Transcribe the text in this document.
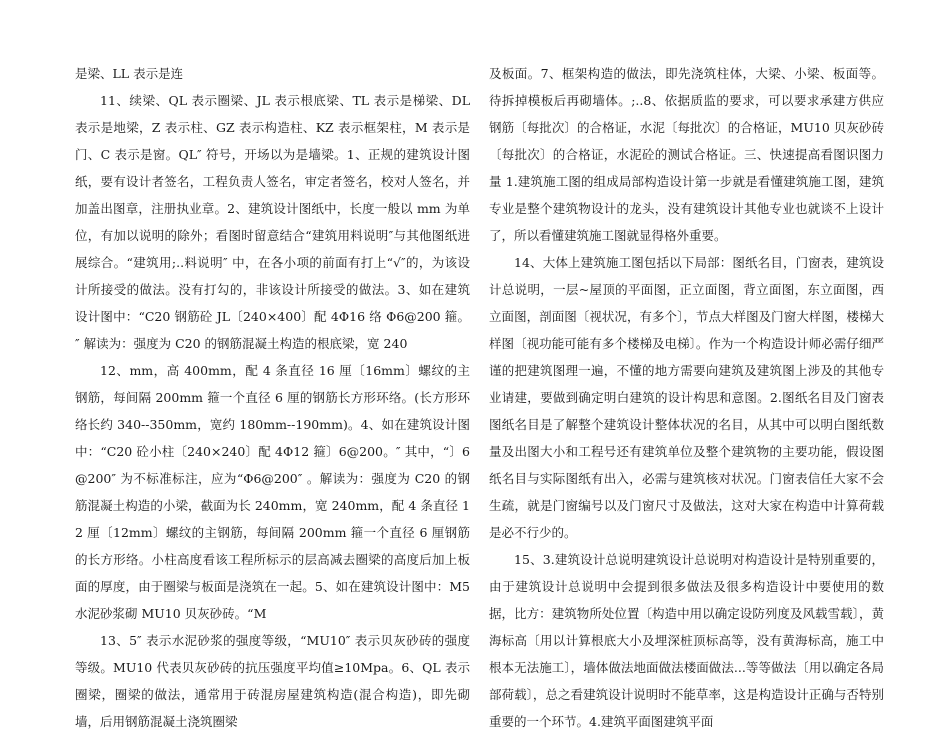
是梁、LL 表示是连

11、续梁、QL 表示圈梁、JL 表示根底梁、TL 表示是梯梁、DL 表示是地梁，Z 表示柱、GZ 表示构造柱、KZ 表示框架柱，M 表示是门、C 表示是窗。QL″ 符号，开场以为是墙梁。1、正规的建筑设计图纸，要有设计者签名，工程负责人签名，审定者签名，校对人签名，并加盖出图章，注册执业章。2、建筑设计图纸中，长度一般以 mm 为单位，有加以说明的除外；看图时留意结合“建筑用料说明″与其他图纸进展综合。“建筑用;..料说明″ 中，在各小项的前面有打上“√″的，为该设计所接受的做法。没有打勾的，非该设计所接受的做法。3、如在建筑设计图中：“C20 钢筋砼 JL〔240×400〕配 4Φ16 络 Φ6@200 箍。″ 解读为：强度为 C20 的钢筋混凝土构造的根底梁，宽 240

12、mm，高 400mm，配 4 条直径 16 厘〔16mm〕螺纹的主钢筋，每间隔 200mm 箍一个直径 6 厘的钢筋长方形环络。(长方形环络长约 340--350mm，宽约 180mm--190mm)。4、如在建筑设计图中：“C20 砼小柱〔240×240〕配 4Φ12 箍〕6@200。″ 其中，“〕6@200″ 为不标准标注，应为“Φ6@200″ 。解读为：强度为 C20 的钢筋混凝土构造的小梁，截面为长 240mm，宽 240mm，配 4 条直径 12 厘〔12mm〕螺纹的主钢筋，每间隔 200mm 箍一个直径 6 厘钢筋的长方形络。小柱高度看该工程所标示的层高减去圈梁的高度后加上板面的厚度，由于圈梁与板面是浇筑在一起。5、如在建筑设计图中：M5 水泥砂浆砌 MU10 贝灰砂砖。“M

13、5″ 表示水泥砂浆的强度等级，“MU10″ 表示贝灰砂砖的强度等级。MU10 代表贝灰砂砖的抗压强度平均值≥10Mpa。6、QL 表示圈梁，圈梁的做法，通常用于砖混房屋建筑构造(混合构造)，即先砌墙，后用钢筋混凝土浇筑圈梁

及板面。7、框架构造的做法，即先浇筑柱体，大梁、小梁、板面等。待拆掉模板后再砌墙体。;..8、依据质监的要求，可以要求承建方供应钢筋〔每批次〕的合格证，水泥〔每批次〕的合格证，MU10 贝灰砂砖〔每批次〕的合格证，水泥砼的测试合格证。三、快速提高看图识图力量 1.建筑施工图的组成局部构造设计第一步就是看懂建筑施工图，建筑专业是整个建筑物设计的龙头，没有建筑设计其他专业也就谈不上设计了，所以看懂建筑施工图就显得格外重要。

14、大体上建筑施工图包括以下局部：图纸名目，门窗表，建筑设计总说明，一层~屋顶的平面图，正立面图，背立面图，东立面图，西立面图，剖面图〔视状况，有多个〕，节点大样图及门窗大样图，楼梯大样图〔视功能可能有多个楼梯及电梯〕。作为一个构造设计师必需仔细严谨的把建筑图理一遍，不懂的地方需要向建筑及建筑图上涉及的其他专业请建，要做到确定明白建筑的设计构思和意图。2.图纸名目及门窗表图纸名目是了解整个建筑设计整体状况的名目，从其中可以明白图纸数量及出图大小和工程号还有建筑单位及整个建筑物的主要功能，假设图纸名目与实际图纸有出入，必需与建筑核对状况。门窗表信任大家不会生疏，就是门窗编号以及门窗尺寸及做法，这对大家在构造中计算荷载是必不行少的。

15、3.建筑设计总说明建筑设计总说明对构造设计是特别重要的，由于建筑设计总说明中会提到很多做法及很多构造设计中要使用的数据，比方：建筑物所处位置〔构造中用以确定设防列度及风载雪载〕，黄海标高〔用以计算根底大小及埋深桩顶标高等，没有黄海标高，施工中根本无法施工〕，墙体做法地面做法楼面做法...等等做法〔用以确定各局部荷载〕，总之看建筑设计说明时不能草率，这是构造设计正确与否特别重要的一个环节。4.建筑平面图建筑平面
